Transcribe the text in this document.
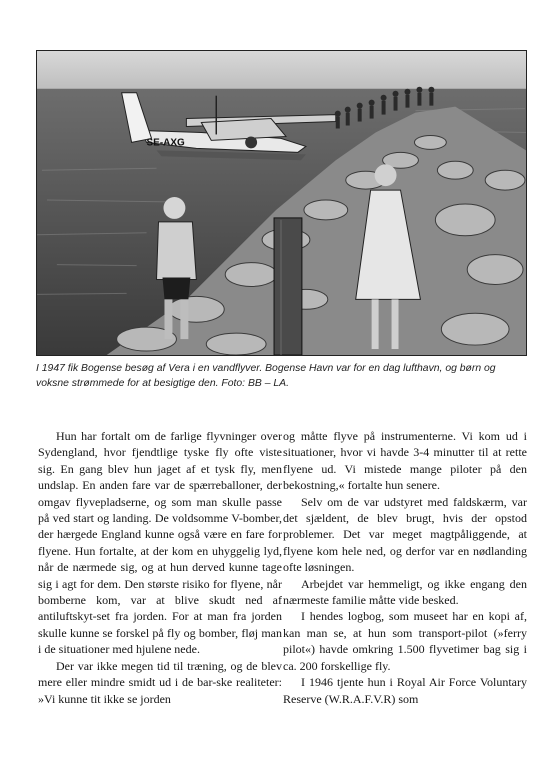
SE-AXG
I 1947 fik Bogense besøg af Vera i en vandflyver. Bogense Havn var for en dag lufthavn, og børn og voksne strømmede for at besigtige den. Foto: BB – LA.

Hun har fortalt om de farlige flyvninger over Sydengland, hvor fjendtlige tyske fly ofte viste sig. En gang blev hun jaget af et tysk fly, men undslap. En anden fare var de spærreballoner, der omgav flyvepladserne, og som man skulle passe på ved start og landing. De voldsomme V-bomber, der hærgede England kunne også være en fare for flyene. Hun fortalte, at der kom en uhyggelig lyd, når de nærmede sig, og at hun derved kunne tage sig i agt for dem. Den største risiko for flyene, når bomberne kom, var at blive skudt ned af antiluftskyt-set fra jorden. For at man fra jorden skulle kunne se forskel på fly og bomber, fløj man i de situationer med hjulene nede.

Der var ikke megen tid til træning, og de blev mere eller mindre smidt ud i de bar-ske realiteter: »Vi kunne tit ikke se jorden

og måtte flyve på instrumenterne. Vi kom ud i situationer, hvor vi havde 3-4 minutter til at rette flyene ud. Vi mistede mange piloter på den bekostning,« fortalte hun senere.

Selv om de var udstyret med faldskærm, var det sjældent, de blev brugt, hvis der opstod problemer. Det var meget magtpåliggende, at flyene kom hele ned, og derfor var en nødlanding ofte løsningen.

Arbejdet var hemmeligt, og ikke engang den nærmeste familie måtte vide besked.

I hendes logbog, som museet har en kopi af, kan man se, at hun som transport-pilot (»ferry pilot«) havde omkring 1.500 flyvetimer bag sig i ca. 200 forskellige fly.

I 1946 tjente hun i Royal Air Force Voluntary Reserve (W.R.A.F.V.R) som
